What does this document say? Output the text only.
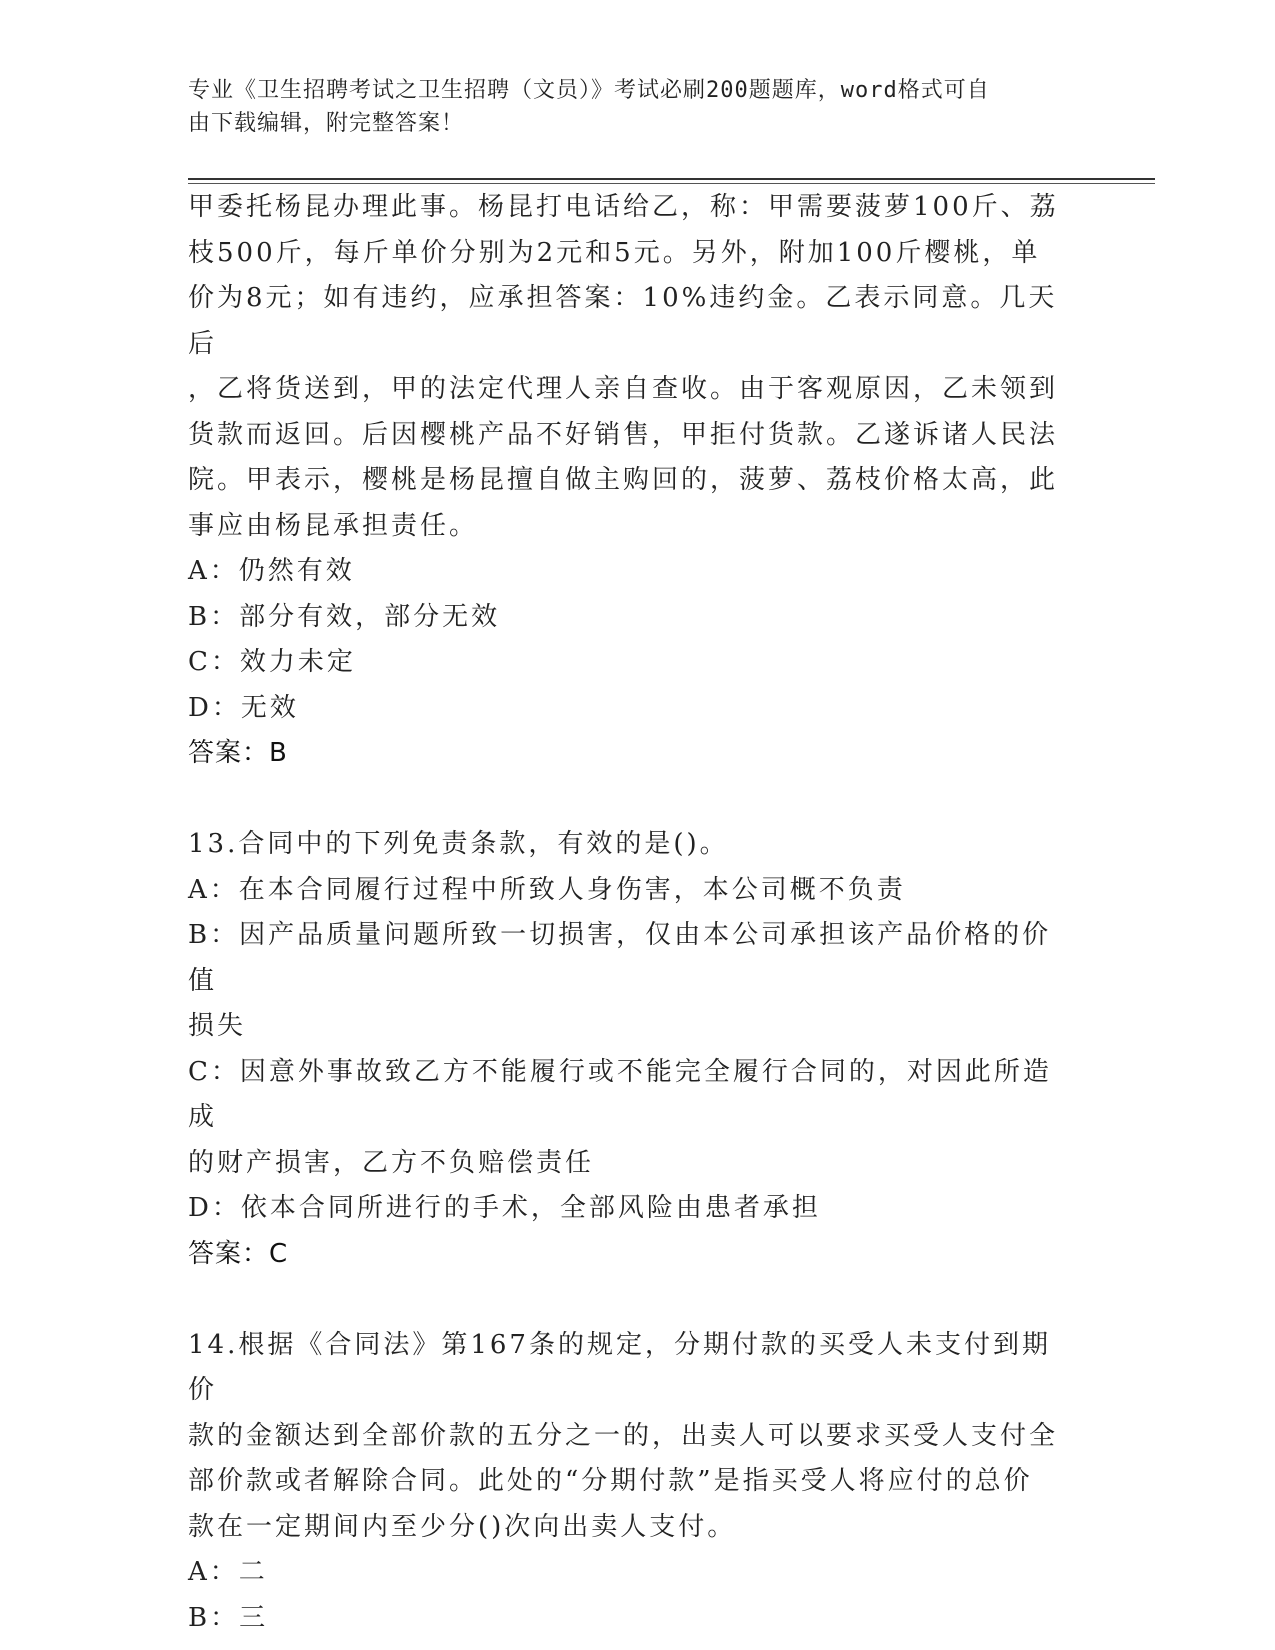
专业《卫生招聘考试之卫生招聘（文员）》考试必刷200题题库，word格式可自
由下载编辑，附完整答案！

甲委托杨昆办理此事。杨昆打电话给乙，称：甲需要菠萝100斤、荔

枝500斤，每斤单价分别为2元和5元。另外，附加100斤樱桃，单

价为8元；如有违约，应承担答案：10%违约金。乙表示同意。几天后

，乙将货送到，甲的法定代理人亲自查收。由于客观原因，乙未领到

货款而返回。后因樱桃产品不好销售，甲拒付货款。乙遂诉诸人民法

院。甲表示，樱桃是杨昆擅自做主购回的，菠萝、荔枝价格太高，此

事应由杨昆承担责任。

A：仍然有效

B：部分有效，部分无效

C：效力未定

D：无效

答案：B

13.合同中的下列免责条款，有效的是()。

A：在本合同履行过程中所致人身伤害，本公司概不负责

B：因产品质量问题所致一切损害，仅由本公司承担该产品价格的价值

损失

C：因意外事故致乙方不能履行或不能完全履行合同的，对因此所造成

的财产损害，乙方不负赔偿责任

D：依本合同所进行的手术，全部风险由患者承担

答案：C

14.根据《合同法》第167条的规定，分期付款的买受人未支付到期价

款的金额达到全部价款的五分之一的，出卖人可以要求买受人支付全

部价款或者解除合同。此处的“分期付款”是指买受人将应付的总价

款在一定期间内至少分()次向出卖人支付。

A：二

B：三
